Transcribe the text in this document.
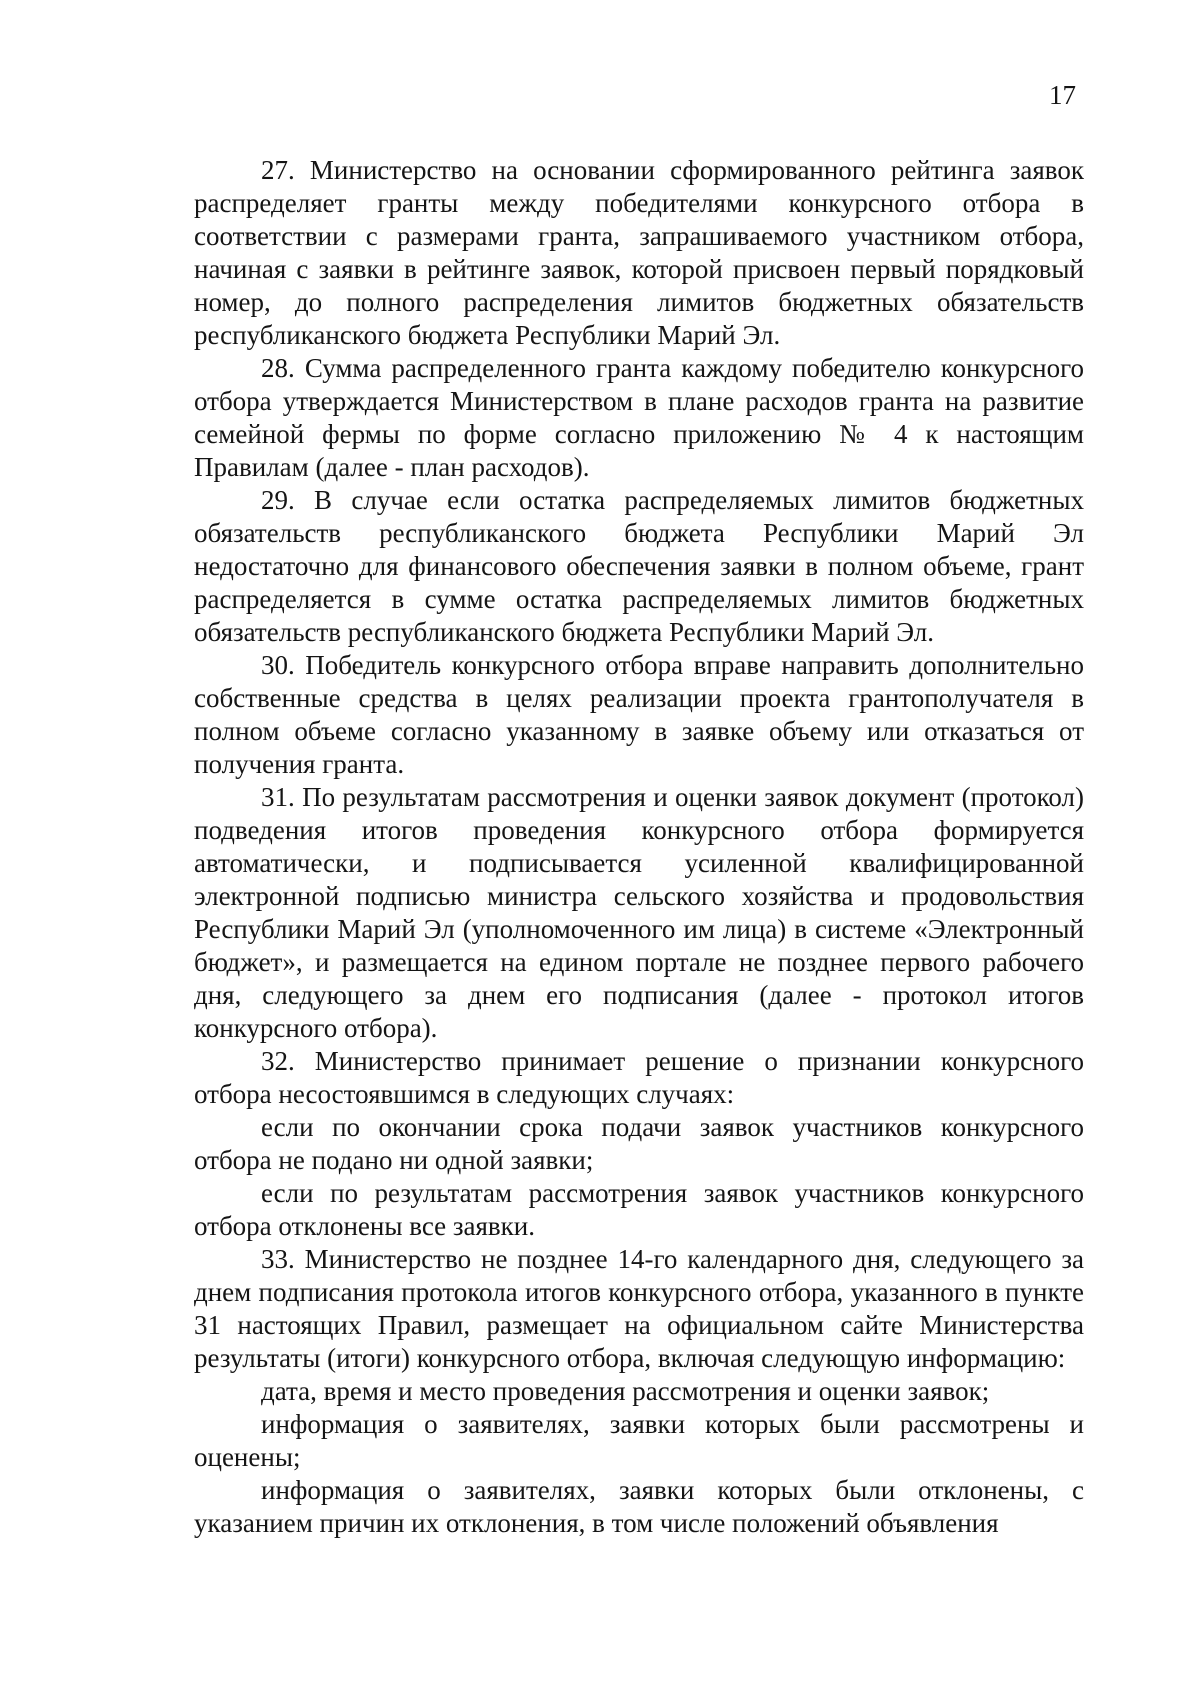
17

27. Министерство на основании сформированного рейтинга заявок распределяет гранты между победителями конкурсного отбора в соответствии с размерами гранта, запрашиваемого участником отбора, начиная с заявки в рейтинге заявок, которой присвоен первый порядковый номер, до полного распределения лимитов бюджетных обязательств республиканского бюджета Республики Марий Эл.

28. Сумма распределенного гранта каждому победителю конкурсного отбора утверждается Министерством в плане расходов гранта на развитие семейной фермы по форме согласно приложению № 4 к настоящим Правилам (далее - план расходов).

29. В случае если остатка распределяемых лимитов бюджетных обязательств республиканского бюджета Республики Марий Эл недостаточно для финансового обеспечения заявки в полном объеме, грант распределяется в сумме остатка распределяемых лимитов бюджетных обязательств республиканского бюджета Республики Марий Эл.

30. Победитель конкурсного отбора вправе направить дополнительно собственные средства в целях реализации проекта грантополучателя в полном объеме согласно указанному в заявке объему или отказаться от получения гранта.

31. По результатам рассмотрения и оценки заявок документ (протокол) подведения итогов проведения конкурсного отбора формируется автоматически, и подписывается усиленной квалифицированной электронной подписью министра сельского хозяйства и продовольствия Республики Марий Эл (уполномоченного им лица) в системе «Электронный бюджет», и размещается на едином портале не позднее первого рабочего дня, следующего за днем его подписания (далее - протокол итогов конкурсного отбора).

32. Министерство принимает решение о признании конкурсного отбора несостоявшимся в следующих случаях:

если по окончании срока подачи заявок участников конкурсного отбора не подано ни одной заявки;

если по результатам рассмотрения заявок участников конкурсного отбора отклонены все заявки.

33. Министерство не позднее 14-го календарного дня, следующего за днем подписания протокола итогов конкурсного отбора, указанного в пункте 31 настоящих Правил, размещает на официальном сайте Министерства результаты (итоги) конкурсного отбора, включая следующую информацию:

дата, время и место проведения рассмотрения и оценки заявок;

информация о заявителях, заявки которых были рассмотрены и оценены;

информация о заявителях, заявки которых были отклонены, с указанием причин их отклонения, в том числе положений объявления
